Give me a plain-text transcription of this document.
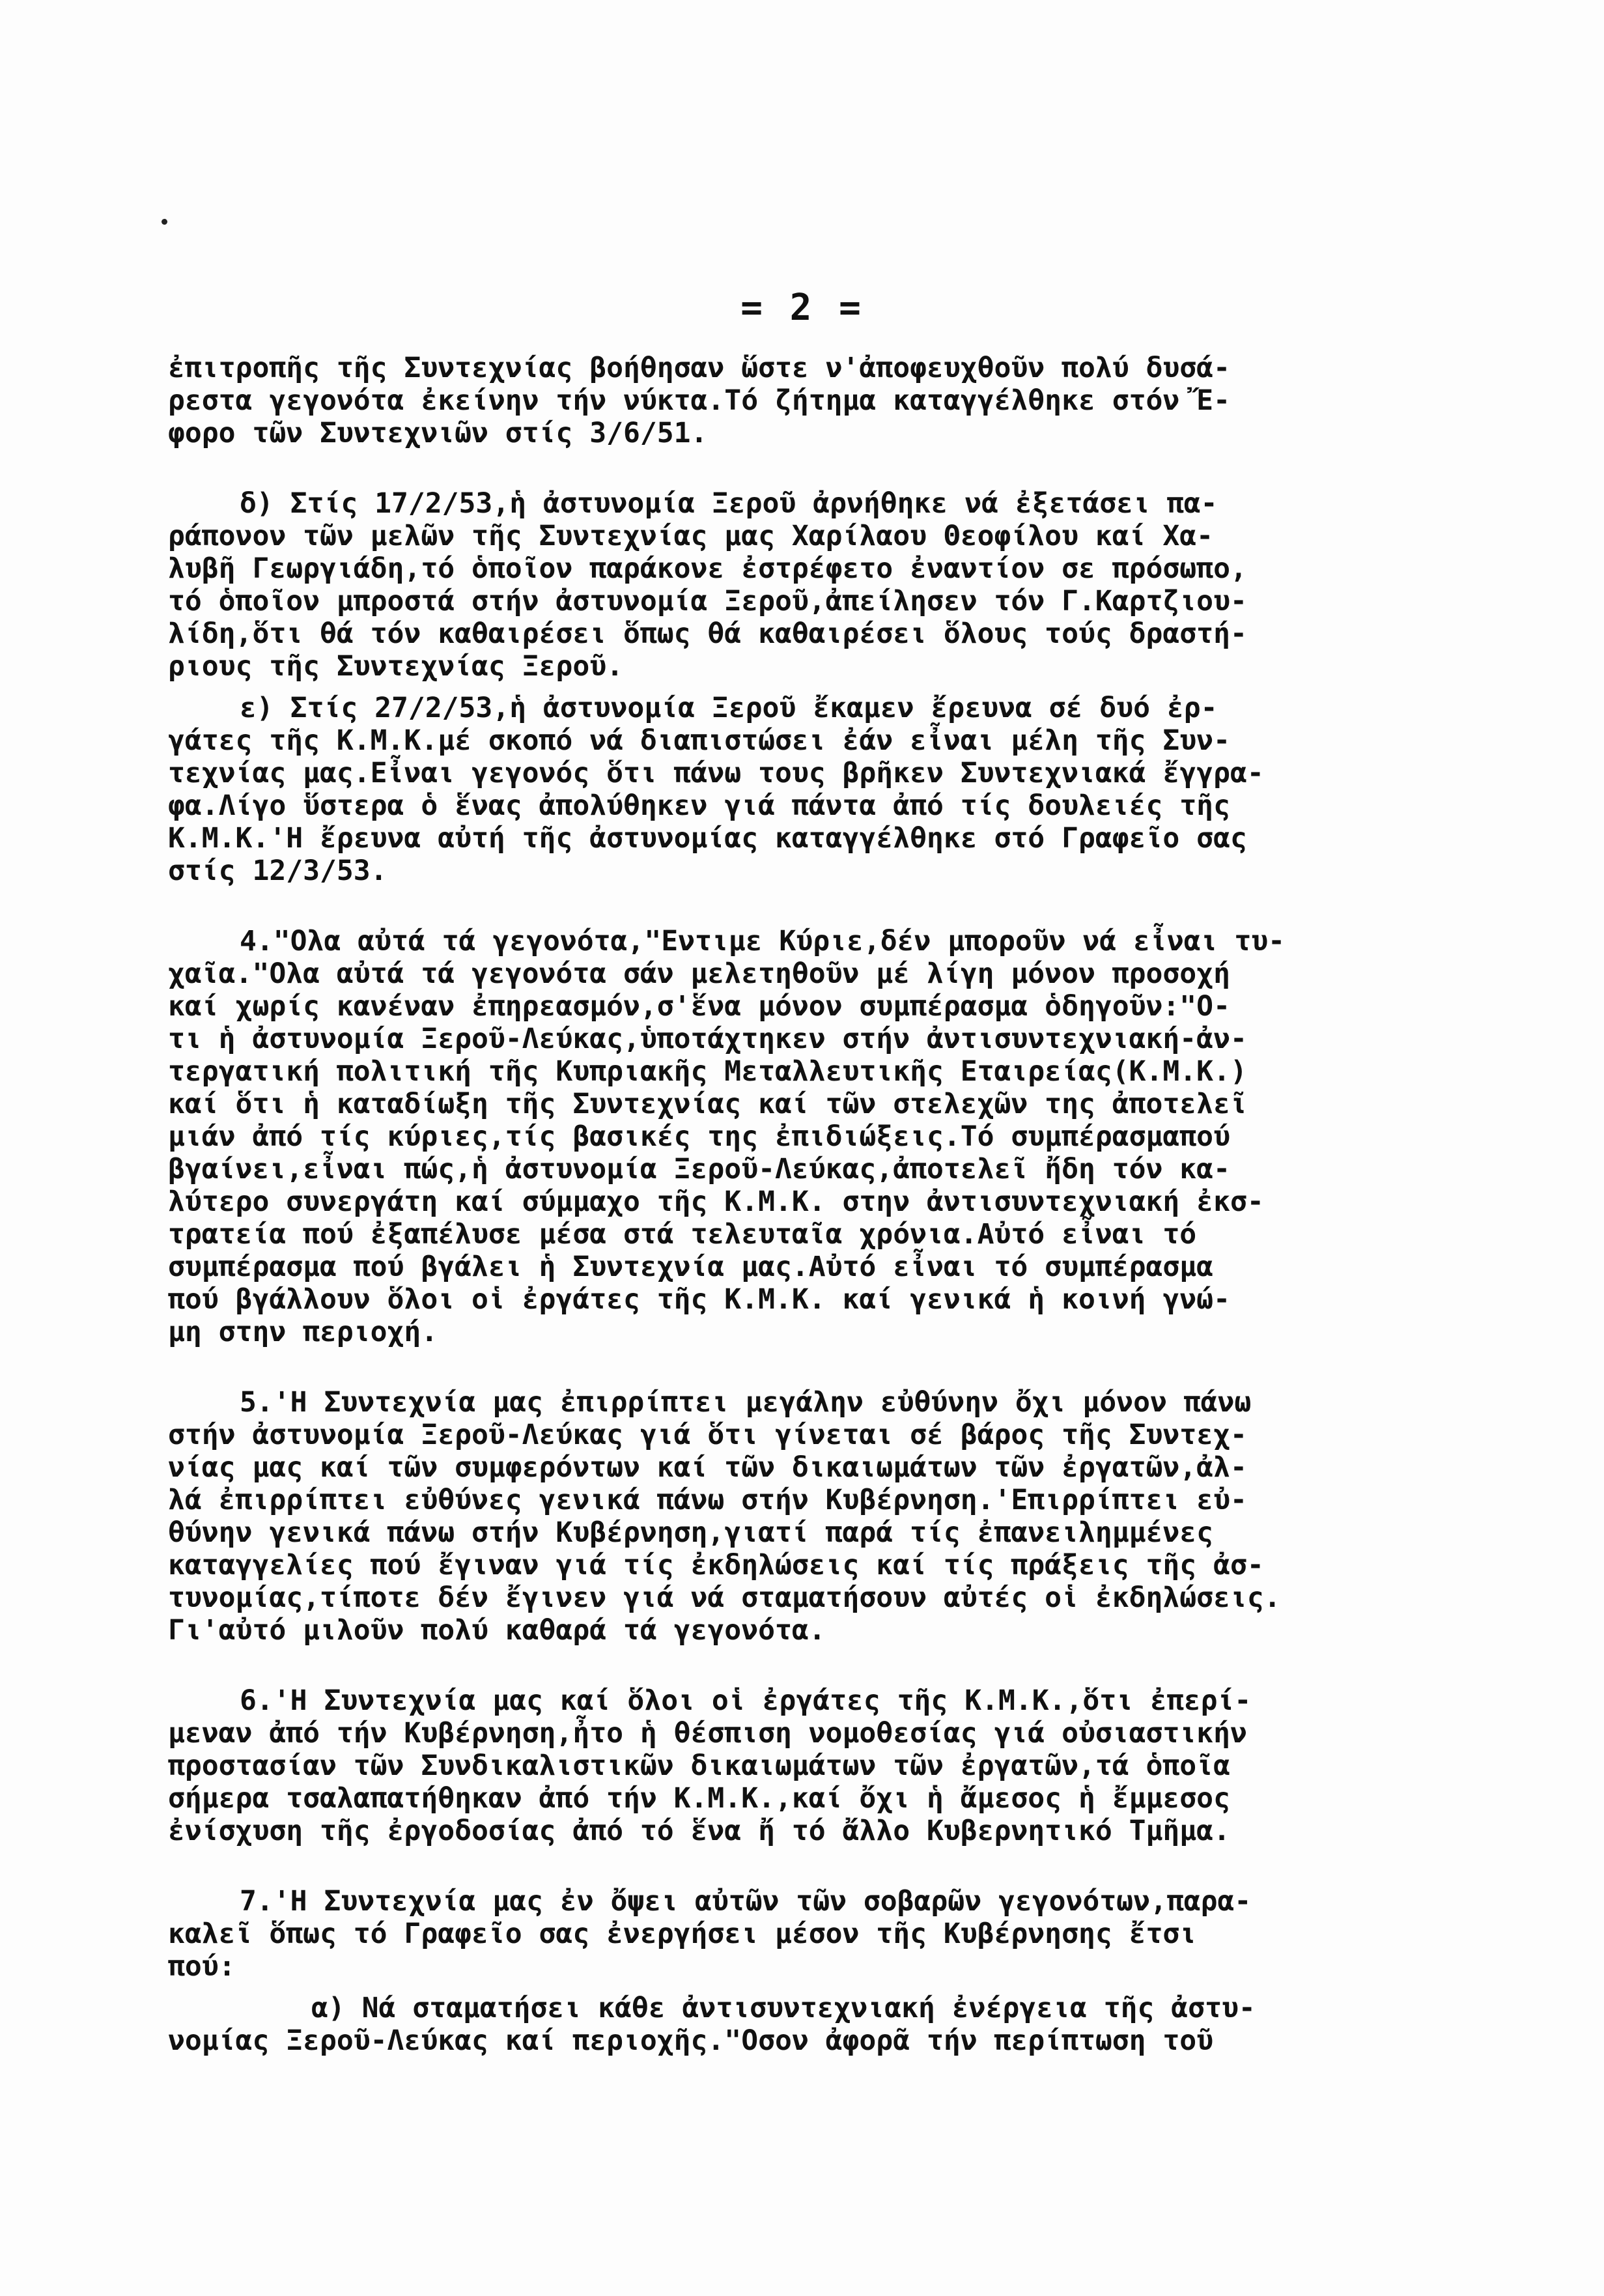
= 2 =
ἐπιτροπῆς τῆς Συντεχνίας βοήθησαν ὥστε ν'ἀποφευχθοῦν πολύ δυσά-
ρεστα γεγονότα ἐκείνην τήν νύκτα.Τό ζήτημα καταγγέλθηκε στόν Ἔ-
φορο τῶν Συντεχνιῶν στίς 3/6/51.
δ) Στίς 17/2/53,ἡ ἀστυνομία Ξεροῦ ἀρνήθηκε νά ἐξετάσει πα-
ράπονον τῶν μελῶν τῆς Συντεχνίας μας Χαρίλαου Θεοφίλου καί Χα-
λυβῆ Γεωργιάδη,τό ὁποῖον παράκονε ἐστρέφετο ἐναντίον σε πρόσωπο,
τό ὁποῖον μπροστά στήν ἀστυνομία Ξεροῦ,ἀπείλησεν τόν Γ.Καρτζιου-
λίδη,ὅτι θά τόν καθαιρέσει ὅπως θά καθαιρέσει ὅλους τούς δραστή-
ριους τῆς Συντεχνίας Ξεροῦ.
ε) Στίς 27/2/53,ἡ ἀστυνομία Ξεροῦ ἔκαμεν ἔρευνα σέ δυό ἐρ-
γάτες τῆς Κ.Μ.Κ.μέ σκοπό νά διαπιστώσει ἐάν εἶναι μέλη τῆς Συν-
τεχνίας μας.Εἶναι γεγονός ὅτι πάνω τους βρῆκεν Συντεχνιακά ἔγγρα-
φα.Λίγο ὕστερα ὁ ἕνας ἀπολύθηκεν γιά πάντα ἀπό τίς δουλειές τῆς
Κ.Μ.Κ.'Η ἔρευνα αὐτή τῆς ἀστυνομίας καταγγέλθηκε στό Γραφεῖο σας
στίς 12/3/53.
4."Ολα αὐτά τά γεγονότα,"Εντιμε Κύριε,δέν μποροῦν νά εἶναι τυ-
χαῖα."Ολα αὐτά τά γεγονότα σάν μελετηθοῦν μέ λίγη μόνον προσοχή
καί χωρίς κανέναν ἐπηρεασμόν,σ'ἕνα μόνον συμπέρασμα ὁδηγοῦν:"Ο-
τι ἡ ἀστυνομία Ξεροῦ-Λεύκας,ὑποτάχτηκεν στήν ἀντισυντεχνιακή-ἀν-
τεργατική πολιτική τῆς Κυπριακῆς Μεταλλευτικῆς Εταιρείας(Κ.Μ.Κ.)
καί ὅτι ἡ καταδίωξη τῆς Συντεχνίας καί τῶν στελεχῶν της ἀποτελεῖ
μιάν ἀπό τίς κύριες,τίς βασικές της ἐπιδιώξεις.Τό συμπέρασμαπού
βγαίνει,εἶναι πώς,ἡ ἀστυνομία Ξεροῦ-Λεύκας,ἀποτελεῖ ἤδη τόν κα-
λύτερο συνεργάτη καί σύμμαχο τῆς Κ.Μ.Κ. στην ἀντισυντεχνιακή ἐκσ-
τρατεία πού ἐξαπέλυσε μέσα στά τελευταῖα χρόνια.Αὐτό εἶναι τό
συμπέρασμα πού βγάλει ἡ Συντεχνία μας.Αὐτό εἶναι τό συμπέρασμα
πού βγάλλουν ὅλοι οἱ ἐργάτες τῆς Κ.Μ.Κ. καί γενικά ἡ κοινή γνώ-
μη στην περιοχή.
5.'Η Συντεχνία μας ἐπιρρίπτει μεγάλην εὐθύνην ὄχι μόνον πάνω
στήν ἀστυνομία Ξεροῦ-Λεύκας γιά ὅτι γίνεται σέ βάρος τῆς Συντεχ-
νίας μας καί τῶν συμφερόντων καί τῶν δικαιωμάτων τῶν ἐργατῶν,ἀλ-
λά ἐπιρρίπτει εὐθύνες γενικά πάνω στήν Κυβέρνηση.'Επιρρίπτει εὐ-
θύνην γενικά πάνω στήν Κυβέρνηση,γιατί παρά τίς ἐπανειλημμένες
καταγγελίες πού ἔγιναν γιά τίς ἐκδηλώσεις καί τίς πράξεις τῆς ἀσ-
τυνομίας,τίποτε δέν ἔγινεν γιά νά σταματήσουν αὐτές οἱ ἐκδηλώσεις.
Γι'αὐτό μιλοῦν πολύ καθαρά τά γεγονότα.
6.'Η Συντεχνία μας καί ὅλοι οἱ ἐργάτες τῆς Κ.Μ.Κ.,ὅτι ἐπερί-
μεναν ἀπό τήν Κυβέρνηση,ἦτο ἡ θέσπιση νομοθεσίας γιά οὐσιαστικήν
προστασίαν τῶν Συνδικαλιστικῶν δικαιωμάτων τῶν ἐργατῶν,τά ὁποῖα
σήμερα τσαλαπατήθηκαν ἀπό τήν Κ.Μ.Κ.,καί ὄχι ἡ ἄμεσος ἡ ἔμμεσος
ἐνίσχυση τῆς ἐργοδοσίας ἀπό τό ἕνα ἤ τό ἄλλο Κυβερνητικό Τμῆμα.
7.'Η Συντεχνία μας ἐν ὄψει αὐτῶν τῶν σοβαρῶν γεγονότων,παρα-
καλεῖ ὅπως τό Γραφεῖο σας ἐνεργήσει μέσον τῆς Κυβέρνησης ἔτσι
πού:
α) Νά σταματήσει κάθε ἀντισυντεχνιακή ἐνέργεια τῆς ἀστυ-
νομίας Ξεροῦ-Λεύκας καί περιοχῆς."Οσον ἀφορᾶ τήν περίπτωση τοῦ
